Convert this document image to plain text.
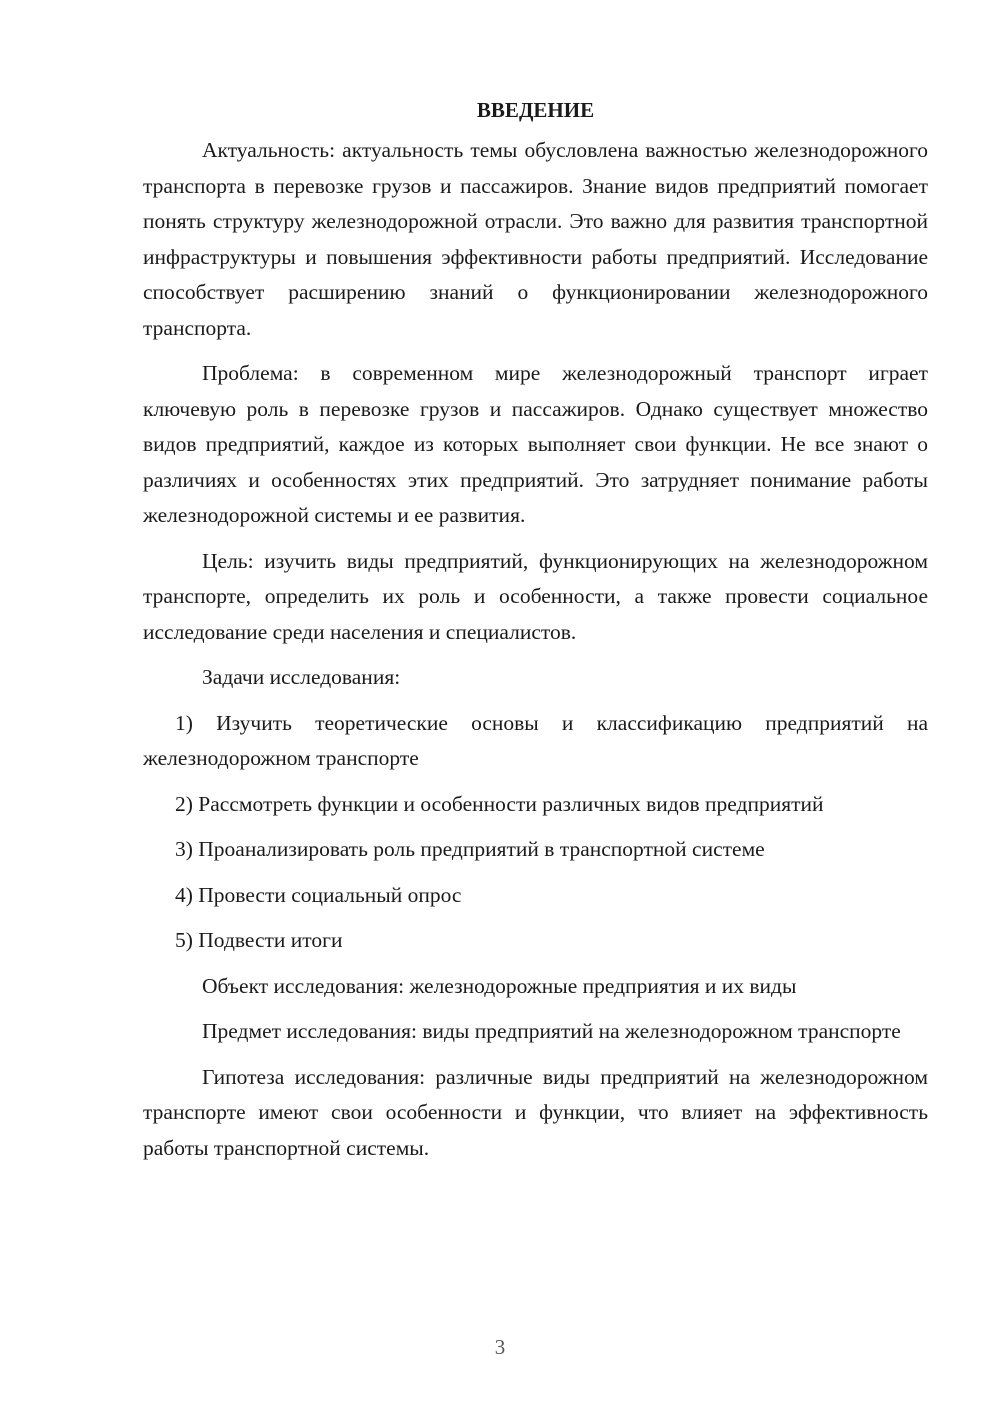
ВВЕДЕНИЕ

Актуальность: актуальность темы обусловлена важностью железнодорожного транспорта в перевозке грузов и пассажиров. Знание видов предприятий помогает понять структуру железнодорожной отрасли. Это важно для развития транспортной инфраструктуры и повышения эффективности работы предприятий. Исследование способствует расширению знаний о функционировании железнодорожного транспорта.

Проблема: в современном мире железнодорожный транспорт играет ключевую роль в перевозке грузов и пассажиров. Однако существует множество видов предприятий, каждое из которых выполняет свои функции. Не все знают о различиях и особенностях этих предприятий. Это затрудняет понимание работы железнодорожной системы и ее развития.

Цель: изучить виды предприятий, функционирующих на железнодорожном транспорте, определить их роль и особенности, а также провести социальное исследование среди населения и специалистов.

Задачи исследования:

1) Изучить теоретические основы и классификацию предприятий на железнодорожном транспорте

2) Рассмотреть функции и особенности различных видов предприятий

3) Проанализировать роль предприятий в транспортной системе

4) Провести социальный опрос

5) Подвести итоги

Объект исследования: железнодорожные предприятия и их виды

Предмет исследования: виды предприятий на железнодорожном транспорте

Гипотеза исследования: различные виды предприятий на железнодорожном транспорте имеют свои особенности и функции, что влияет на эффективность работы транспортной системы.

3
